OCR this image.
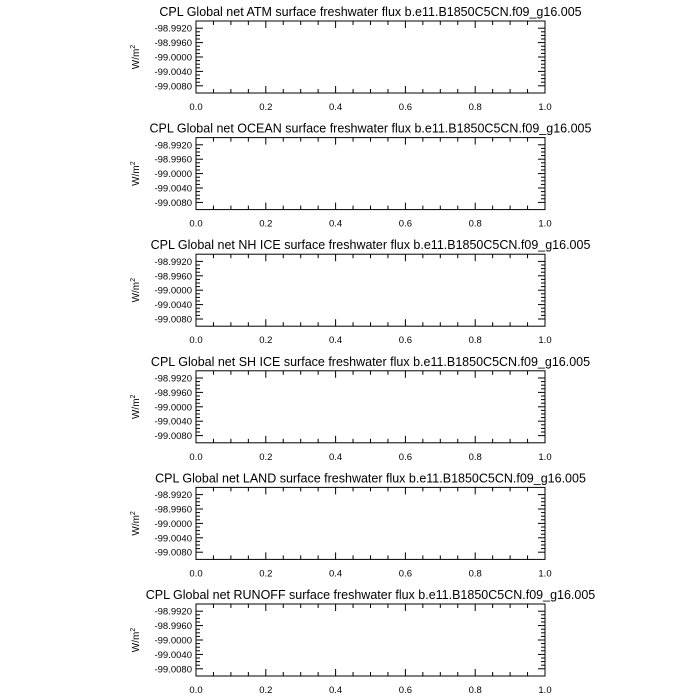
CPL Global net ATM surface freshwater flux b.e11.B1850C5CN.f09_g16.005
-98.9920
-98.9960
-99.0000
-99.0040
-99.0080
0.0	0.2	0.4	0.6	0.8	1.0
$W/m^2$
CPL Global net OCEAN surface freshwater flux b.e11.B1850C5CN.f09_g16.005
-98.9920
-98.9960
-99.0000
-99.0040
-99.0080
0.0	0.2	0.4	0.6	0.8	1.0
$W/m^2$
CPL Global net NH ICE surface freshwater flux b.e11.B1850C5CN.f09_g16.005
-98.9920
-98.9960
-99.0000
-99.0040
-99.0080
0.0	0.2	0.4	0.6	0.8	1.0
$W/m^2$
CPL Global net SH ICE surface freshwater flux b.e11.B1850C5CN.f09_g16.005
-98.9920
-98.9960
-99.0000
-99.0040
-99.0080
0.0	0.2	0.4	0.6	0.8	1.0
$W/m^2$
CPL Global net LAND surface freshwater flux b.e11.B1850C5CN.f09_g16.005
-98.9920
-98.9960
-99.0000
-99.0040
-99.0080
0.0	0.2	0.4	0.6	0.8	1.0
$W/m^2$
CPL Global net RUNOFF surface freshwater flux b.e11.B1850C5CN.f09_g16.005
-98.9920
-98.9960
-99.0000
-99.0040
-99.0080
0.0	0.2	0.4	0.6	0.8	1.0
$W/m^2$
